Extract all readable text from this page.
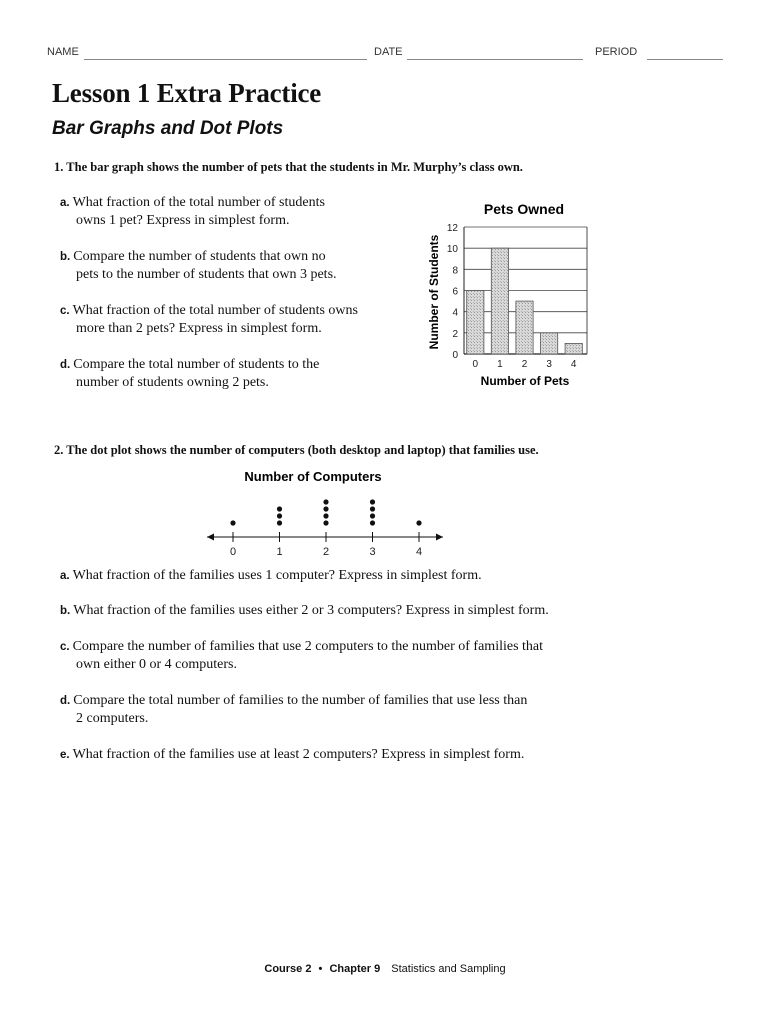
NAME	DATE	PERIOD
Lesson 1 Extra Practice
Bar Graphs and Dot Plots
1. The bar graph shows the number of pets that the students in Mr. Murphy’s class own.
a. What fraction of the total number of students
owns 1 pet? Express in simplest form.
b. Compare the number of students that own no
pets to the number of students that own 3 pets.
c. What fraction of the total number of students owns
more than 2 pets? Express in simplest form.
d. Compare the total number of students to the
number of students owning 2 pets.
Pets Owned
Number of Students
Number of Pets
0
2
4
6
8
10
12
0 1 2 3 4
2. The dot plot shows the number of computers (both desktop and laptop) that families use.
Number of Computers
0	1	2	3	4
a. What fraction of the families uses 1 computer? Express in simplest form.
b. What fraction of the families uses either 2 or 3 computers? Express in simplest form.
c. Compare the number of families that use 2 computers to the number of families that
own either 0 or 4 computers.
d. Compare the total number of families to the number of families that use less than
2 computers.
e. What fraction of the families use at least 2 computers? Express in simplest form.
Course 2 • Chapter 9 Statistics and Sampling
